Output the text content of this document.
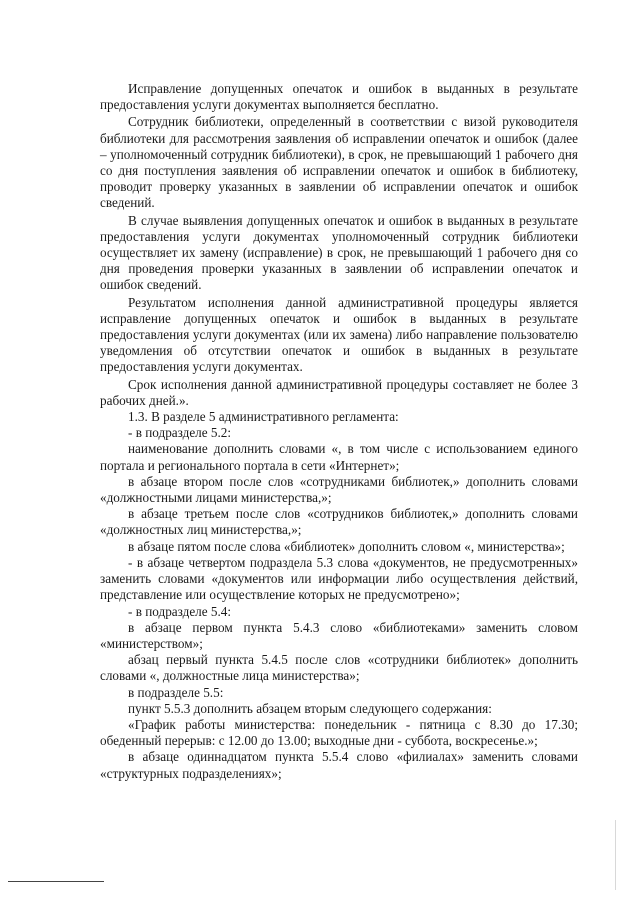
Исправление допущенных опечаток и ошибок в выданных в результате предоставления услуги документах выполняется бесплатно.

Сотрудник библиотеки, определенный в соответствии с визой руководителя библиотеки для рассмотрения заявления об исправлении опечаток и ошибок (далее – уполномоченный сотрудник библиотеки), в срок, не превышающий 1 рабочего дня со дня поступления заявления об исправлении опечаток и ошибок в библиотеку, проводит проверку указанных в заявлении об исправлении опечаток и ошибок сведений.

В случае выявления допущенных опечаток и ошибок в выданных в результате предоставления услуги документах уполномоченный сотрудник библиотеки осуществляет их замену (исправление) в срок, не превышающий 1 рабочего дня со дня проведения проверки указанных в заявлении об исправлении опечаток и ошибок сведений.

Результатом исполнения данной административной процедуры является исправление допущенных опечаток и ошибок в выданных в результате предоставления услуги документах (или их замена) либо направление пользователю уведомления об отсутствии опечаток и ошибок в выданных в результате предоставления услуги документах.

Срок исполнения данной административной процедуры составляет не более 3 рабочих дней.».

1.3. В разделе 5 административного регламента:

- в подразделе 5.2:

наименование дополнить словами «, в том числе с использованием единого портала и регионального портала в сети «Интернет»;

в абзаце втором после слов «сотрудниками библиотек,» дополнить словами «должностными лицами министерства,»;

в абзаце третьем после слов «сотрудников библиотек,» дополнить словами «должностных лиц министерства,»;

в абзаце пятом после слова «библиотек» дополнить словом «, министерства»;

- в абзаце четвертом подраздела 5.3 слова «документов, не предусмотренных» заменить словами «документов или информации либо осуществления действий, представление или осуществление которых не предусмотрено»;

- в подразделе 5.4:

в абзаце первом пункта 5.4.3 слово «библиотеками» заменить словом «министерством»;

абзац первый пункта 5.4.5 после слов «сотрудники библиотек» дополнить словами «, должностные лица министерства»;

в подразделе 5.5:

пункт 5.5.3 дополнить абзацем вторым следующего содержания:

«График работы министерства: понедельник - пятница с 8.30 до 17.30; обеденный перерыв: с 12.00 до 13.00; выходные дни - суббота, воскресенье.»;

в абзаце одиннадцатом пункта 5.5.4 слово «филиалах» заменить словами «структурных подразделениях»;
